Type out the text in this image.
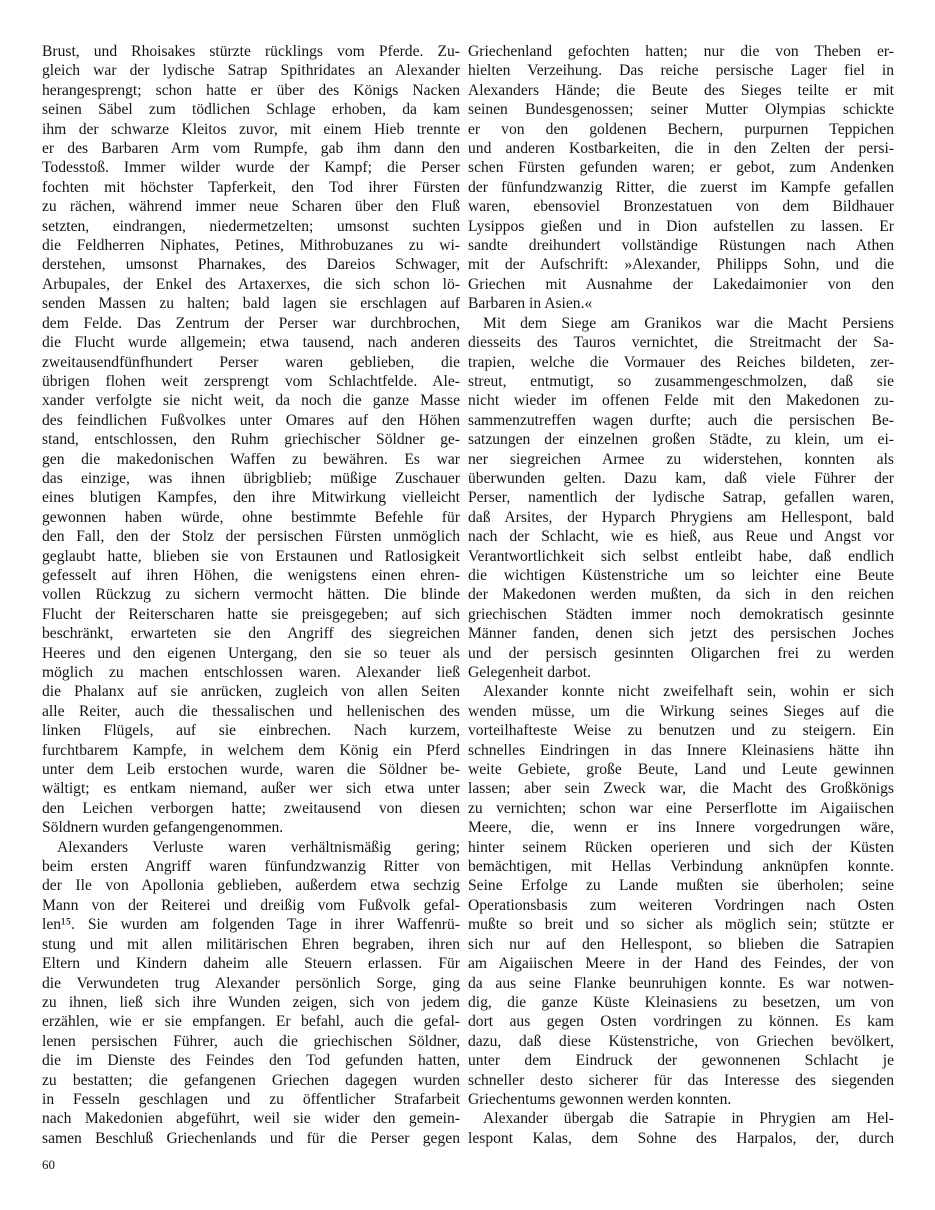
Brust, und Rhoisakes stürzte rücklings vom Pferde. Zu-
gleich war der lydische Satrap Spithridates an Alexander
herangesprengt; schon hatte er über des Königs Nacken
seinen Säbel zum tödlichen Schlage erhoben, da kam
ihm der schwarze Kleitos zuvor, mit einem Hieb trennte
er des Barbaren Arm vom Rumpfe, gab ihm dann den
Todesstoß. Immer wilder wurde der Kampf; die Perser
fochten mit höchster Tapferkeit, den Tod ihrer Fürsten
zu rächen, während immer neue Scharen über den Fluß
setzten, eindrangen, niedermetzelten; umsonst suchten
die Feldherren Niphates, Petines, Mithrobuzanes zu wi-
derstehen, umsonst Pharnakes, des Dareios Schwager,
Arbupales, der Enkel des Artaxerxes, die sich schon lö-
senden Massen zu halten; bald lagen sie erschlagen auf
dem Felde. Das Zentrum der Perser war durchbrochen,
die Flucht wurde allgemein; etwa tausend, nach anderen
zweitausendfünfhundert Perser waren geblieben, die
übrigen flohen weit zersprengt vom Schlachtfelde. Ale-
xander verfolgte sie nicht weit, da noch die ganze Masse
des feindlichen Fußvolkes unter Omares auf den Höhen
stand, entschlossen, den Ruhm griechischer Söldner ge-
gen die makedonischen Waffen zu bewähren. Es war
das einzige, was ihnen übrigblieb; müßige Zuschauer
eines blutigen Kampfes, den ihre Mitwirkung vielleicht
gewonnen haben würde, ohne bestimmte Befehle für
den Fall, den der Stolz der persischen Fürsten unmöglich
geglaubt hatte, blieben sie von Erstaunen und Ratlosigkeit
gefesselt auf ihren Höhen, die wenigstens einen ehren-
vollen Rückzug zu sichern vermocht hätten. Die blinde
Flucht der Reiterscharen hatte sie preisgegeben; auf sich
beschränkt, erwarteten sie den Angriff des siegreichen
Heeres und den eigenen Untergang, den sie so teuer als
möglich zu machen entschlossen waren. Alexander ließ
die Phalanx auf sie anrücken, zugleich von allen Seiten
alle Reiter, auch die thessalischen und hellenischen des
linken Flügels, auf sie einbrechen. Nach kurzem,
furchtbarem Kampfe, in welchem dem König ein Pferd
unter dem Leib erstochen wurde, waren die Söldner be-
wältigt; es entkam niemand, außer wer sich etwa unter
den Leichen verborgen hatte; zweitausend von diesen
Söldnern wurden gefangengenommen.
Alexanders Verluste waren verhältnismäßig gering;
beim ersten Angriff waren fünfundzwanzig Ritter von
der Ile von Apollonia geblieben, außerdem etwa sechzig
Mann von der Reiterei und dreißig vom Fußvolk gefal-
len¹⁵. Sie wurden am folgenden Tage in ihrer Waffenrü-
stung und mit allen militärischen Ehren begraben, ihren
Eltern und Kindern daheim alle Steuern erlassen. Für
die Verwundeten trug Alexander persönlich Sorge, ging
zu ihnen, ließ sich ihre Wunden zeigen, sich von jedem
erzählen, wie er sie empfangen. Er befahl, auch die gefal-
lenen persischen Führer, auch die griechischen Söldner,
die im Dienste des Feindes den Tod gefunden hatten,
zu bestatten; die gefangenen Griechen dagegen wurden
in Fesseln geschlagen und zu öffentlicher Strafarbeit
nach Makedonien abgeführt, weil sie wider den gemein-
samen Beschluß Griechenlands und für die Perser gegen
Griechenland gefochten hatten; nur die von Theben er-
hielten Verzeihung. Das reiche persische Lager fiel in
Alexanders Hände; die Beute des Sieges teilte er mit
seinen Bundesgenossen; seiner Mutter Olympias schickte
er von den goldenen Bechern, purpurnen Teppichen
und anderen Kostbarkeiten, die in den Zelten der persi-
schen Fürsten gefunden waren; er gebot, zum Andenken
der fünfundzwanzig Ritter, die zuerst im Kampfe gefallen
waren, ebensoviel Bronzestatuen von dem Bildhauer
Lysippos gießen und in Dion aufstellen zu lassen. Er
sandte dreihundert vollständige Rüstungen nach Athen
mit der Aufschrift: »Alexander, Philipps Sohn, und die
Griechen mit Ausnahme der Lakedaimonier von den
Barbaren in Asien.«
Mit dem Siege am Granikos war die Macht Persiens
diesseits des Tauros vernichtet, die Streitmacht der Sa-
trapien, welche die Vormauer des Reiches bildeten, zer-
streut, entmutigt, so zusammengeschmolzen, daß sie
nicht wieder im offenen Felde mit den Makedonen zu-
sammenzutreffen wagen durfte; auch die persischen Be-
satzungen der einzelnen großen Städte, zu klein, um ei-
ner siegreichen Armee zu widerstehen, konnten als
überwunden gelten. Dazu kam, daß viele Führer der
Perser, namentlich der lydische Satrap, gefallen waren,
daß Arsites, der Hyparch Phrygiens am Hellespont, bald
nach der Schlacht, wie es hieß, aus Reue und Angst vor
Verantwortlichkeit sich selbst entleibt habe, daß endlich
die wichtigen Küstenstriche um so leichter eine Beute
der Makedonen werden mußten, da sich in den reichen
griechischen Städten immer noch demokratisch gesinnte
Männer fanden, denen sich jetzt des persischen Joches
und der persisch gesinnten Oligarchen frei zu werden
Gelegenheit darbot.
Alexander konnte nicht zweifelhaft sein, wohin er sich
wenden müsse, um die Wirkung seines Sieges auf die
vorteilhafteste Weise zu benutzen und zu steigern. Ein
schnelles Eindringen in das Innere Kleinasiens hätte ihn
weite Gebiete, große Beute, Land und Leute gewinnen
lassen; aber sein Zweck war, die Macht des Großkönigs
zu vernichten; schon war eine Perserflotte im Aigaiischen
Meere, die, wenn er ins Innere vorgedrungen wäre,
hinter seinem Rücken operieren und sich der Küsten
bemächtigen, mit Hellas Verbindung anknüpfen konnte.
Seine Erfolge zu Lande mußten sie überholen; seine
Operationsbasis zum weiteren Vordringen nach Osten
mußte so breit und so sicher als möglich sein; stützte er
sich nur auf den Hellespont, so blieben die Satrapien
am Aigaiischen Meere in der Hand des Feindes, der von
da aus seine Flanke beunruhigen konnte. Es war notwen-
dig, die ganze Küste Kleinasiens zu besetzen, um von
dort aus gegen Osten vordringen zu können. Es kam
dazu, daß diese Küstenstriche, von Griechen bevölkert,
unter dem Eindruck der gewonnenen Schlacht je
schneller desto sicherer für das Interesse des siegenden
Griechentums gewonnen werden konnten.
Alexander übergab die Satrapie in Phrygien am Hel-
lespont Kalas, dem Sohne des Harpalos, der, durch
60
